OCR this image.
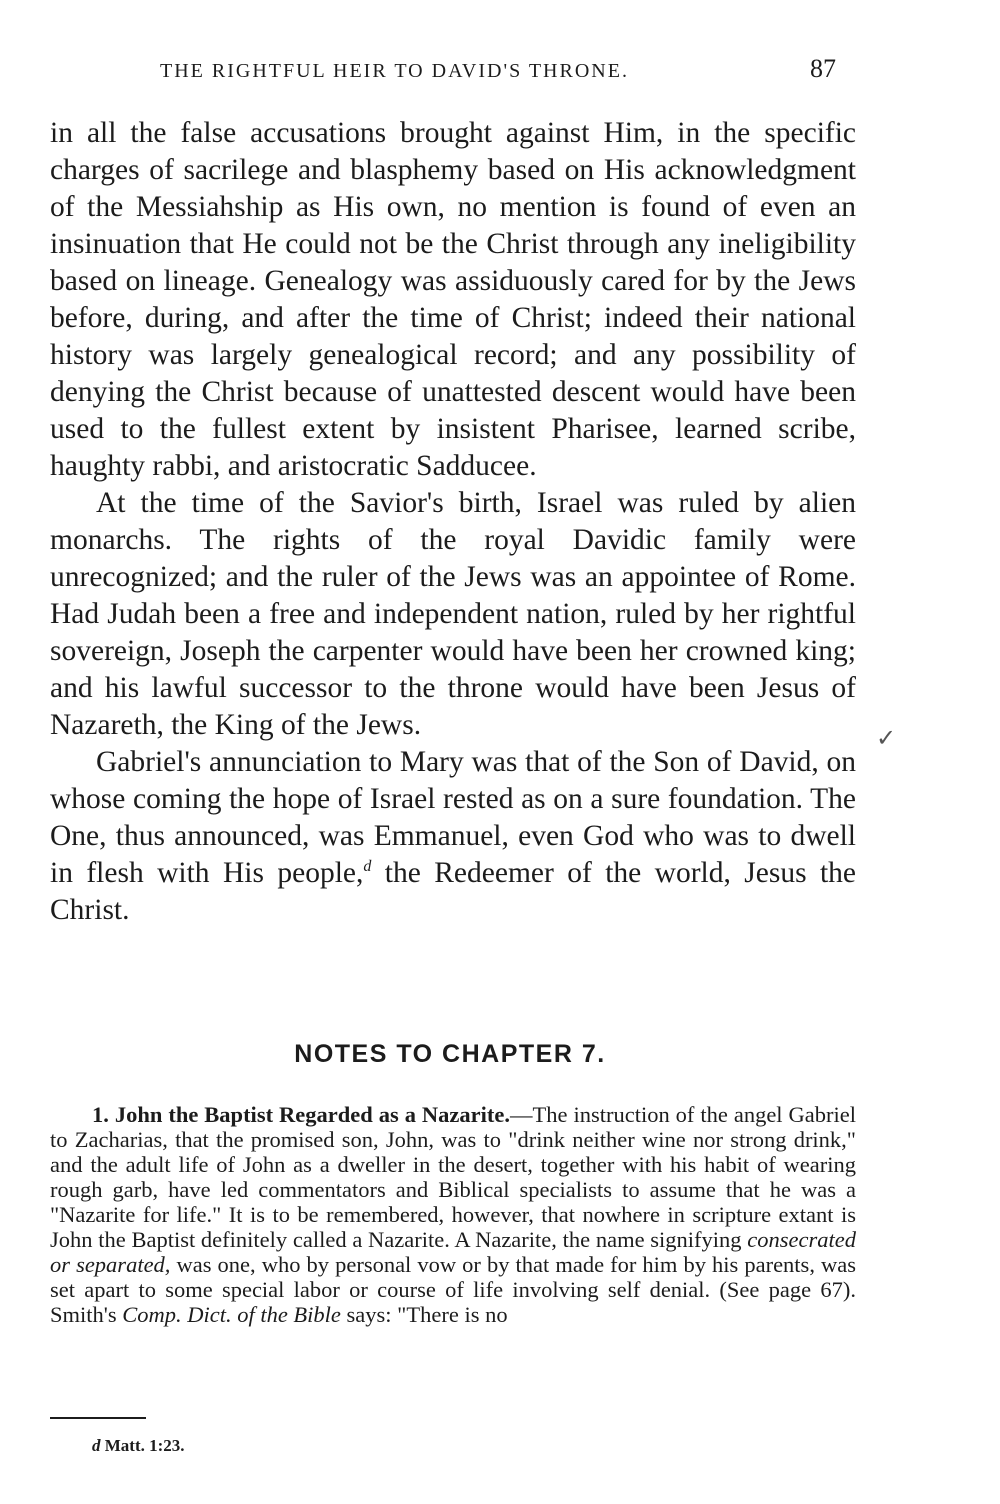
THE RIGHTFUL HEIR TO DAVID'S THRONE.	87

in all the false accusations brought against Him, in the specific charges of sacrilege and blasphemy based on His acknowledgment of the Messiahship as His own, no mention is found of even an insinuation that He could not be the Christ through any ineligibility based on lineage. Genealogy was assiduously cared for by the Jews before, during, and after the time of Christ; indeed their national history was largely genealogical record; and any possibility of denying the Christ because of unattested descent would have been used to the fullest extent by insistent Pharisee, learned scribe, haughty rabbi, and aristocratic Sadducee.

At the time of the Savior's birth, Israel was ruled by alien monarchs. The rights of the royal Davidic family were unrecognized; and the ruler of the Jews was an appointee of Rome. Had Judah been a free and independent nation, ruled by her rightful sovereign, Joseph the carpenter would have been her crowned king; and his lawful successor to the throne would have been Jesus of Nazareth, the King of the Jews.

Gabriel's annunciation to Mary was that of the Son of David, on whose coming the hope of Israel rested as on a sure foundation. The One, thus announced, was Emmanuel, even God who was to dwell in flesh with His people,$^d$ the Redeemer of the world, Jesus the Christ.

✓
NOTES TO CHAPTER 7.

1. John the Baptist Regarded as a Nazarite.—The instruction of the angel Gabriel to Zacharias, that the promised son, John, was to "drink neither wine nor strong drink," and the adult life of John as a dweller in the desert, together with his habit of wearing rough garb, have led commentators and Biblical specialists to assume that he was a "Nazarite for life." It is to be remembered, however, that nowhere in scripture extant is John the Baptist definitely called a Nazarite. A Nazarite, the name signifying consecrated or separated, was one, who by personal vow or by that made for him by his parents, was set apart to some special labor or course of life involving self denial. (See page 67). Smith's Comp. Dict. of the Bible says: "There is no

d Matt. 1:23.
